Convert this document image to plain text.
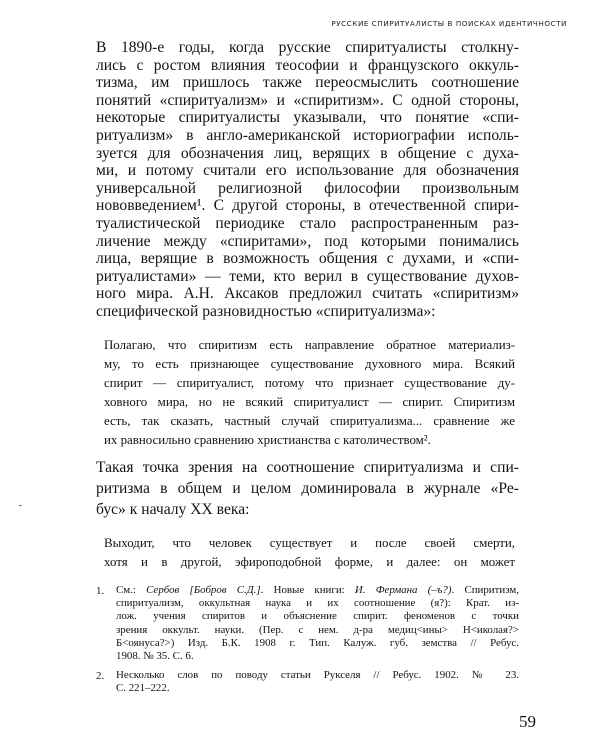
РУССКИЕ СПИРИТУАЛИСТЫ В ПОИСКАХ ИДЕНТИЧНОСТИ
В 1890-е годы, когда русские спиритуалисты столкну-
лись с ростом влияния теософии и французского оккуль-
тизма, им пришлось также переосмыслить соотношение
понятий «спиритуализм» и «спиритизм». С одной стороны,
некоторые спиритуалисты указывали, что понятие «спи-
ритуализм» в англо-американской историографии исполь-
зуется для обозначения лиц, верящих в общение с духа-
ми, и потому считали его использование для обозначения
универсальной религиозной философии произвольным
нововведением¹. С другой стороны, в отечественной спири-
туалистической периодике стало распространенным раз-
личение между «спиритами», под которыми понимались
лица, верящие в возможность общения с духами, и «спи-
ритуалистами» — теми, кто верил в существование духов-
ного мира. А.Н. Аксаков предложил считать «спиритизм»
специфической разновидностью «спиритуализма»:
Полагаю, что спиритизм есть направление обратное материализ-
му, то есть признающее существование духовного мира. Всякий
спирит — спиритуалист, потому что признает существование ду-
ховного мира, но не всякий спиритуалист — спирит. Спиритизм
есть, так сказать, частный случай спиритуализма... сравнение же
их равносильно сравнению христианства с католичеством².
Такая точка зрения на соотношение спиритуализма и спи-
ритизма в общем и целом доминировала в журнале «Ре-
бус» к началу XX века:
Выходит, что человек существует и после своей смерти,
хотя и в другой, эфироподобной форме, и далее: он может
1. См.: Сербов [Бобров С.Д.]. Новые книги: И. Фермана (–ъ?). Спиритизм,
спиритуализм, оккультная наука и их соотношение (я?): Крат. из-
лож. учения спиритов и объяснение спирит. феноменов с точки
зрения оккульт. науки. (Пер. с нем. д-ра медиц<ины> Н<иколая?>
Б<оянуса?>) Изд. Б.К. 1908 г. Тип. Калуж. губ. земства // Ребус.
1908. № 35. С. 6.
2. Несколько слов по поводу статьи Рукселя // Ребус. 1902. № 23.
С. 221–222.
59
